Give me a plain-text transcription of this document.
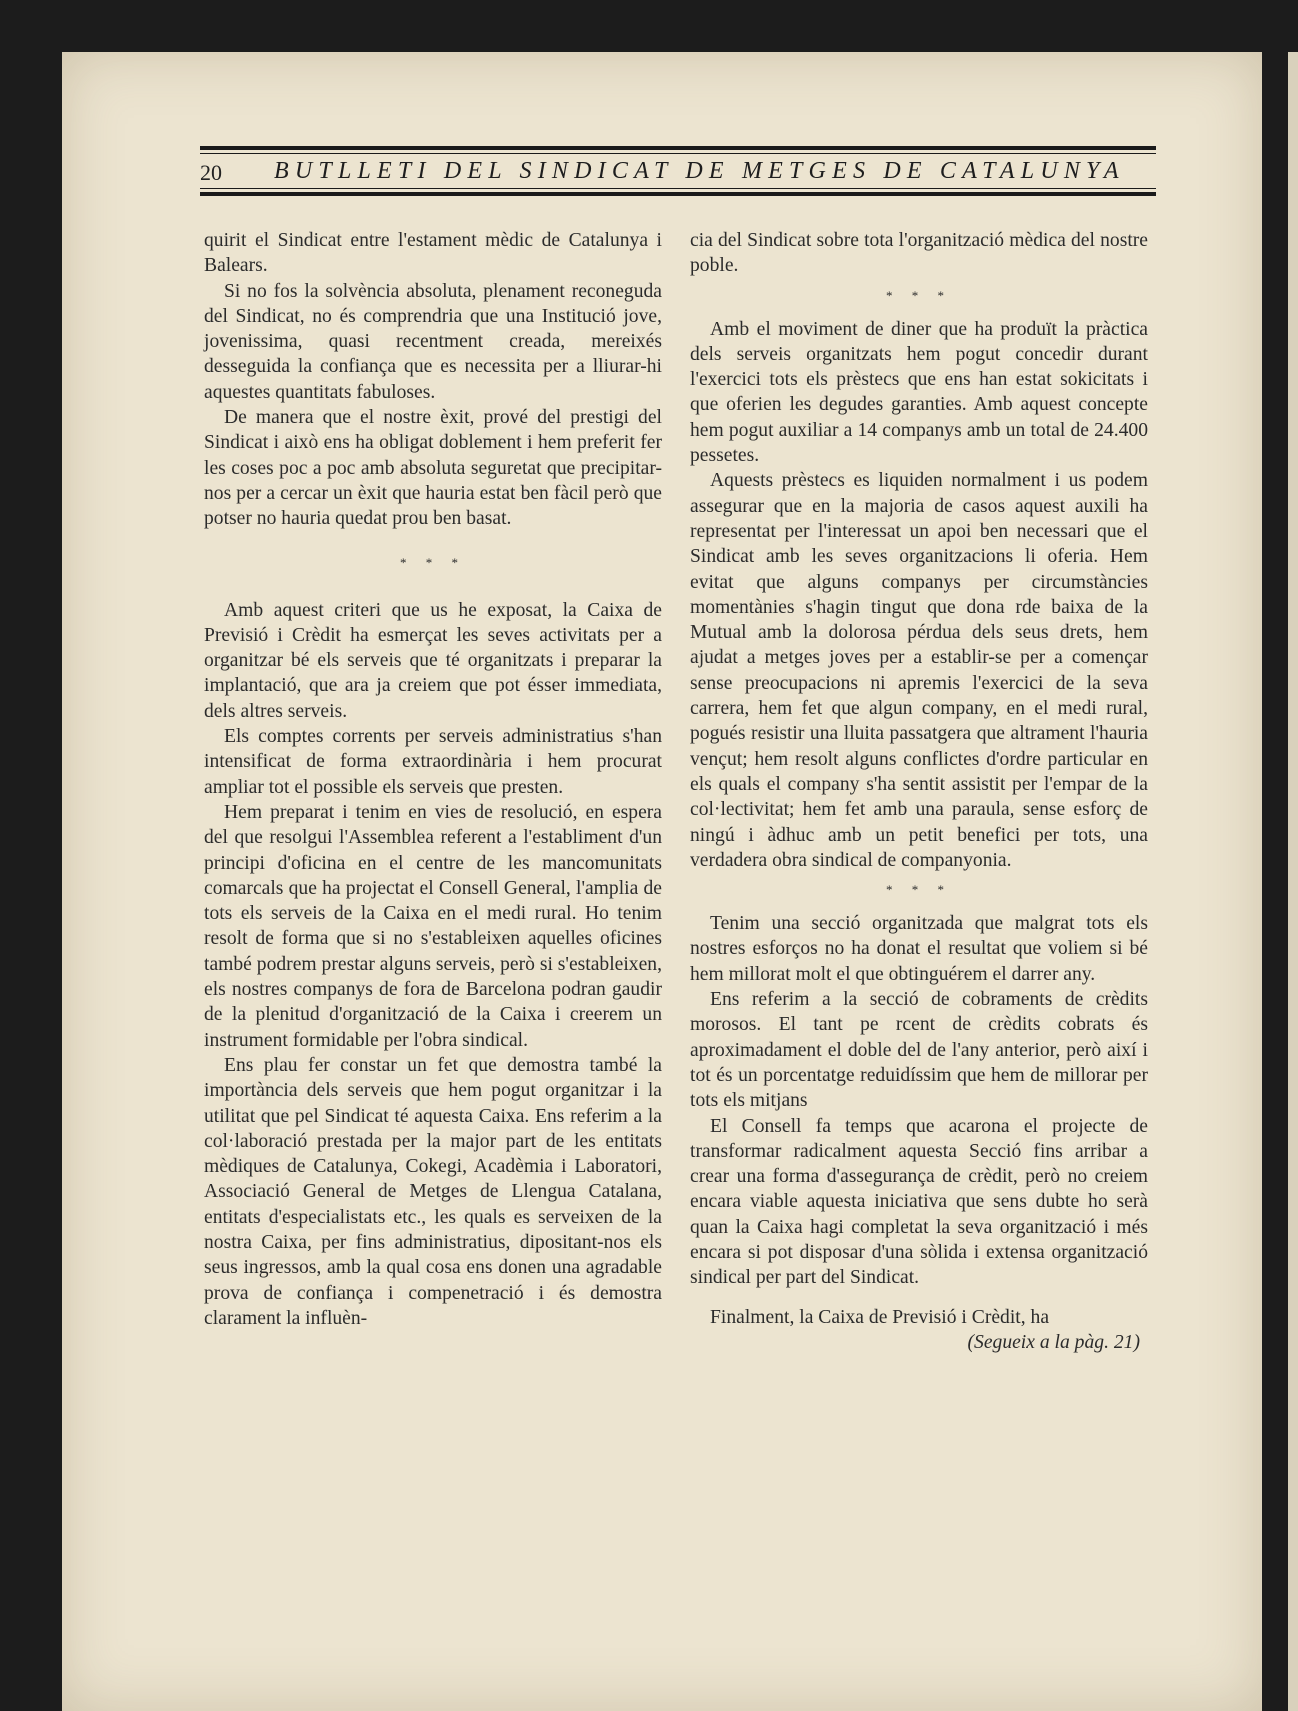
20 BUTLLETI DEL SINDICAT DE METGES DE CATALUNYA

quirit el Sindicat entre l'estament mèdic de Catalunya i Balears.

Si no fos la solvència absoluta, plenament reconeguda del Sindicat, no és comprendria que una Institució jove, jovenissima, quasi recentment creada, mereixés desseguida la confiança que es necessita per a lliurar-hi aquestes quantitats fabuloses.

De manera que el nostre èxit, prové del prestigi del Sindicat i això ens ha obligat doblement i hem preferit fer les coses poc a poc amb absoluta seguretat que precipitar-nos per a cercar un èxit que hauria estat ben fàcil però que potser no hauria quedat prou ben basat.

* * *

Amb aquest criteri que us he exposat, la Caixa de Previsió i Crèdit ha esmerçat les seves activitats per a organitzar bé els serveis que té organitzats i preparar la implantació, que ara ja creiem que pot ésser immediata, dels altres serveis.

Els comptes corrents per serveis administratius s'han intensificat de forma extraordinària i hem procurat ampliar tot el possible els serveis que presten.

Hem preparat i tenim en vies de resolució, en espera del que resolgui l'Assemblea referent a l'establiment d'un principi d'oficina en el centre de les mancomunitats comarcals que ha projectat el Consell General, l'amplia de tots els serveis de la Caixa en el medi rural. Ho tenim resolt de forma que si no s'estableixen aquelles oficines també podrem prestar alguns serveis, però si s'estableixen, els nostres companys de fora de Barcelona podran gaudir de la plenitud d'organització de la Caixa i creerem un instrument formidable per l'obra sindical.

Ens plau fer constar un fet que demostra també la importància dels serveis que hem pogut organitzar i la utilitat que pel Sindicat té aquesta Caixa. Ens referim a la col·laboració prestada per la major part de les entitats mèdiques de Catalunya, Cokegi, Acadèmia i Laboratori, Associació General de Metges de Llengua Catalana, entitats d'especialistats etc., les quals es serveixen de la nostra Caixa, per fins administratius, dipositant-nos els seus ingressos, amb la qual cosa ens donen una agradable prova de confiança i compenetració i és demostra clarament la influèn-

cia del Sindicat sobre tota l'organització mèdica del nostre poble.

* * *

Amb el moviment de diner que ha produït la pràctica dels serveis organitzats hem pogut concedir durant l'exercici tots els prèstecs que ens han estat sokicitats i que oferien les degudes garanties. Amb aquest concepte hem pogut auxiliar a 14 companys amb un total de 24.400 pessetes.

Aquests prèstecs es liquiden normalment i us podem assegurar que en la majoria de casos aquest auxili ha representat per l'interessat un apoi ben necessari que el Sindicat amb les seves organitzacions li oferia. Hem evitat que alguns companys per circumstàncies momentànies s'hagin tingut que dona rde baixa de la Mutual amb la dolorosa pérdua dels seus drets, hem ajudat a metges joves per a establir-se per a començar sense preocupacions ni apremis l'exercici de la seva carrera, hem fet que algun company, en el medi rural, pogués resistir una lluita passatgera que altrament l'hauria vençut; hem resolt alguns conflictes d'ordre particular en els quals el company s'ha sentit assistit per l'empar de la col·lectivitat; hem fet amb una paraula, sense esforç de ningú i àdhuc amb un petit benefici per tots, una verdadera obra sindical de companyonia.

* * *

Tenim una secció organitzada que malgrat tots els nostres esforços no ha donat el resultat que voliem si bé hem millorat molt el que obtinguérem el darrer any.

Ens referim a la secció de cobraments de crèdits morosos. El tant pe rcent de crèdits cobrats és aproximadament el doble del de l'any anterior, però així i tot és un porcentatge reduidíssim que hem de millorar per tots els mitjans

El Consell fa temps que acarona el projecte de transformar radicalment aquesta Secció fins arribar a crear una forma d'assegurança de crèdit, però no creiem encara viable aquesta iniciativa que sens dubte ho serà quan la Caixa hagi completat la seva organització i més encara si pot disposar d'una sòlida i extensa organització sindical per part del Sindicat.

Finalment, la Caixa de Previsió i Crèdit, ha

(Segueix a la pàg. 21)
